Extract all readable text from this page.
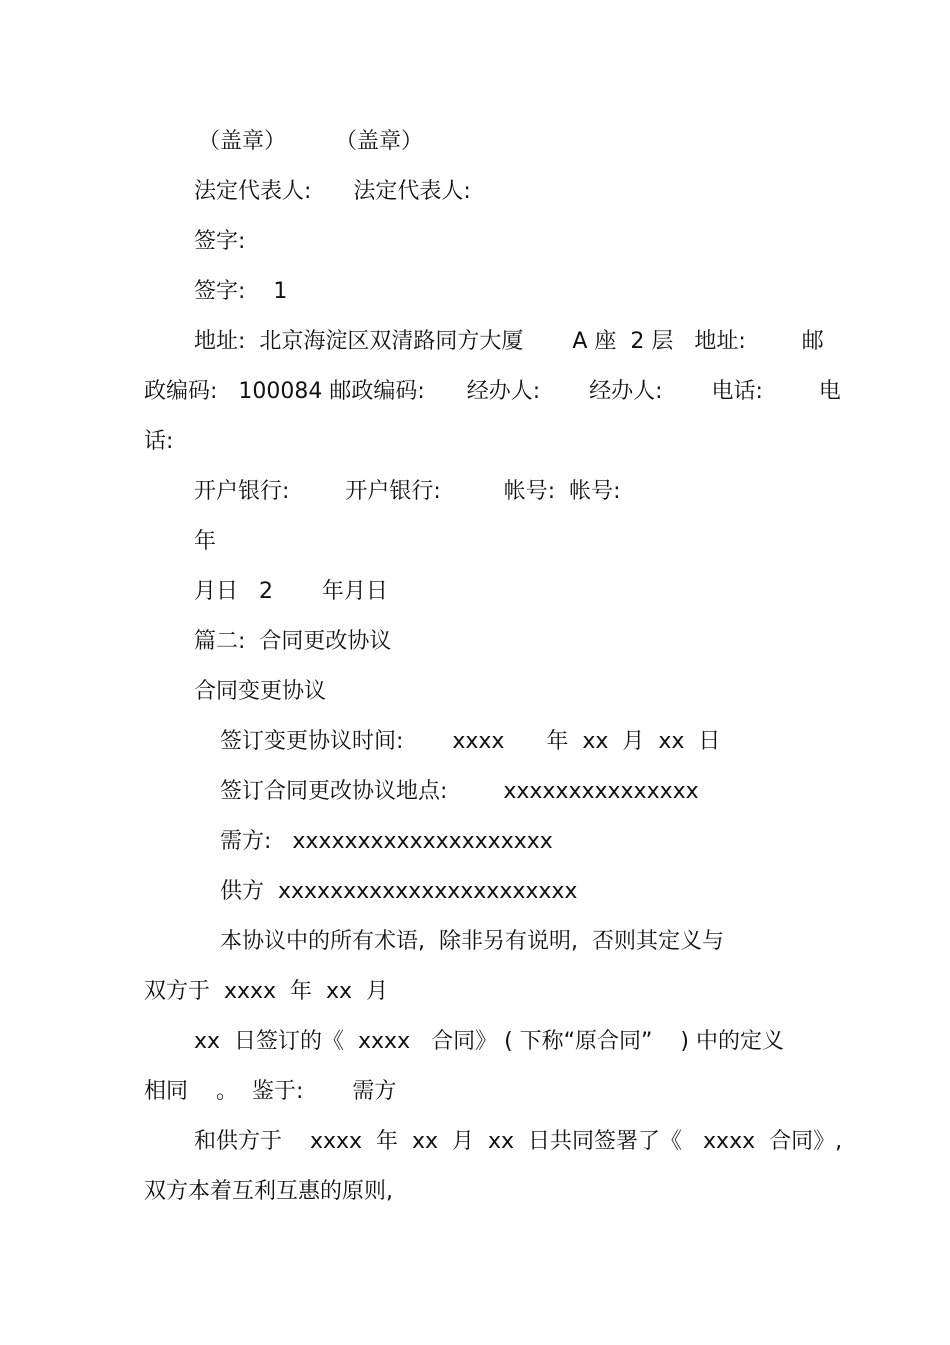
（盖章）       （盖章）
法定代表人:      法定代表人:
签字:
签字:    1
地址:  北京海淀区双清路同方大厦       A 座  2 层   地址:        邮
政编码:   100084 邮政编码:      经办人:       经办人:       电话:        电
话:
开户银行:        开户银行:         帐号:  帐号:
年
月日   2       年月日
篇二:  合同更改协议
合同变更协议
签订变更协议时间:       xxxx      年  xx  月  xx  日
签订合同更改协议地点:        xxxxxxxxxxxxxxx
需方:   xxxxxxxxxxxxxxxxxxxx
供方  xxxxxxxxxxxxxxxxxxxxxxx
本协议中的所有术语,  除非另有说明,  否则其定义与
双方于  xxxx  年  xx  月
xx  日签订的《  xxxx   合同》 ( 下称“原合同”    ) 中的定义
相同    。  鉴于:       需方
和供方于    xxxx  年  xx  月  xx  日共同签署了《   xxxx  合同》,
双方本着互利互惠的原则,
